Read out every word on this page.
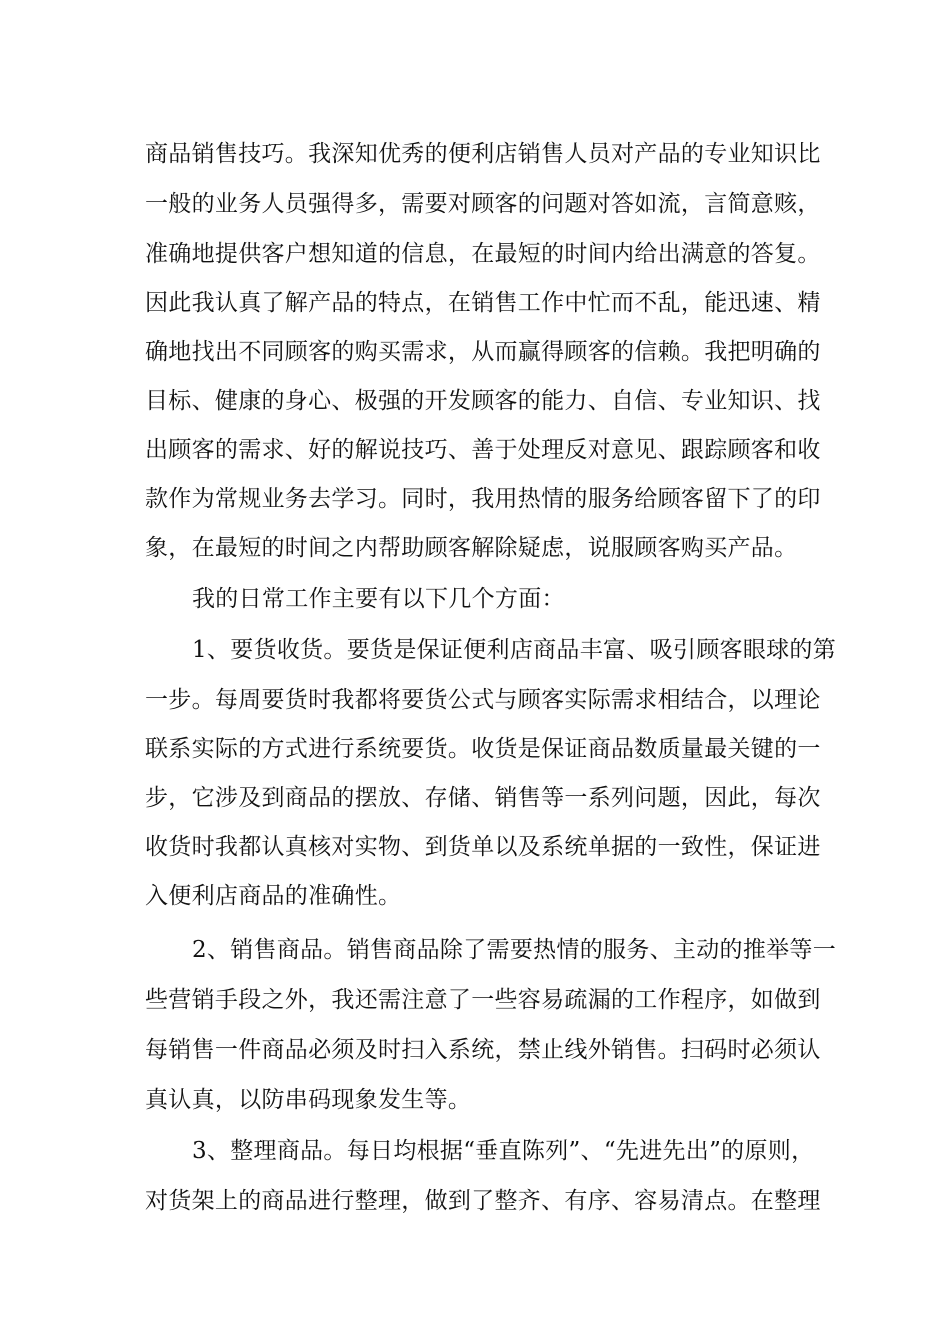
商品销售技巧。我深知优秀的便利店销售人员对产品的专业知识比
一般的业务人员强得多，需要对顾客的问题对答如流，言简意赅，
准确地提供客户想知道的信息，在最短的时间内给出满意的答复。
因此我认真了解产品的特点，在销售工作中忙而不乱，能迅速、精
确地找出不同顾客的购买需求，从而赢得顾客的信赖。我把明确的
目标、健康的身心、极强的开发顾客的能力、自信、专业知识、找
出顾客的需求、好的解说技巧、善于处理反对意见、跟踪顾客和收
款作为常规业务去学习。同时，我用热情的服务给顾客留下了的印
象，在最短的时间之内帮助顾客解除疑虑，说服顾客购买产品。
我的日常工作主要有以下几个方面：
1、要货收货。要货是保证便利店商品丰富、吸引顾客眼球的第
一步。每周要货时我都将要货公式与顾客实际需求相结合，以理论
联系实际的方式进行系统要货。收货是保证商品数质量最关键的一
步，它涉及到商品的摆放、存储、销售等一系列问题，因此，每次
收货时我都认真核对实物、到货单以及系统单据的一致性，保证进
入便利店商品的准确性。
2、销售商品。销售商品除了需要热情的服务、主动的推举等一
些营销手段之外，我还需注意了一些容易疏漏的工作程序，如做到
每销售一件商品必须及时扫入系统，禁止线外销售。扫码时必须认
真认真，以防串码现象发生等。
3、整理商品。每日均根据“垂直陈列”、“先进先出”的原则，
对货架上的商品进行整理，做到了整齐、有序、容易清点。在整理
